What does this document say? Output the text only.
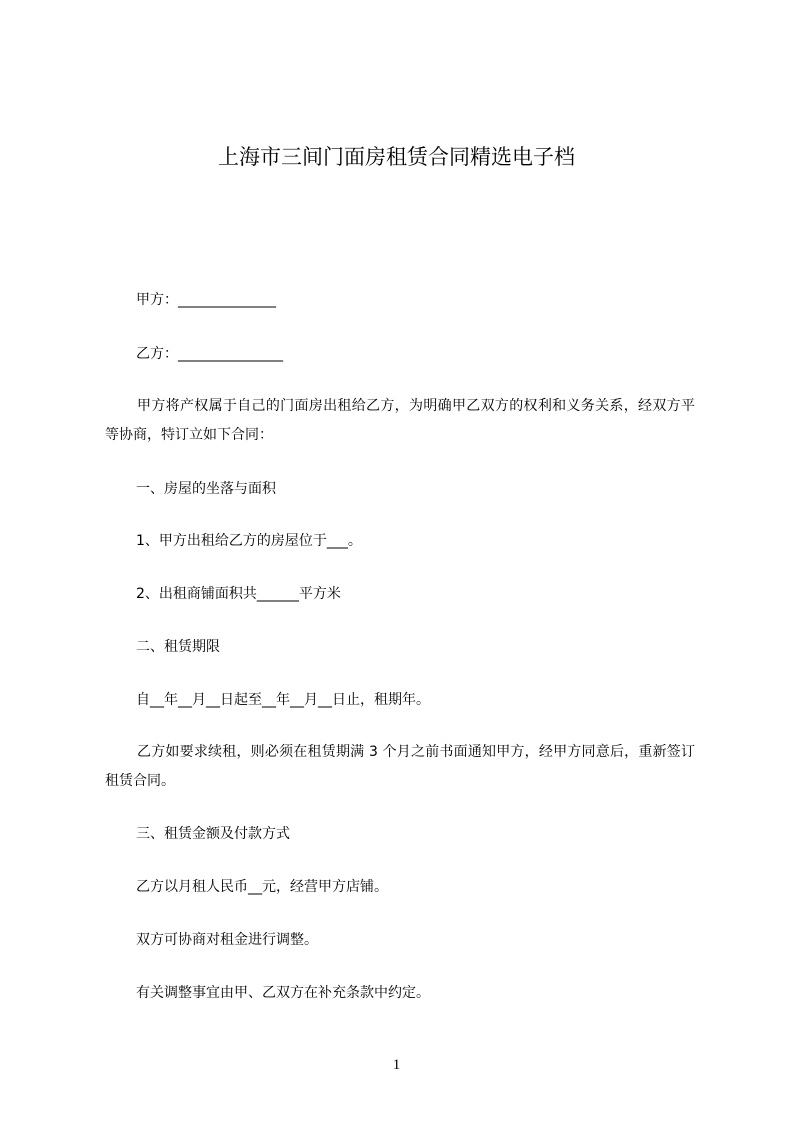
上海市三间门面房租赁合同精选电子档
甲方：______________
乙方：_______________
甲方将产权属于自己的门面房出租给乙方，为明确甲乙双方的权利和义务关系，经双方平等协商，特订立如下合同：
一、房屋的坐落与面积
1、甲方出租给乙方的房屋位于___。
2、出租商铺面积共______平方米
二、租赁期限
自__年__月__日起至__年__月__日止，租期年。
乙方如要求续租，则必须在租赁期满 3 个月之前书面通知甲方，经甲方同意后，重新签订租赁合同。
三、租赁金额及付款方式
乙方以月租人民币__元，经营甲方店铺。
双方可协商对租金进行调整。
有关调整事宜由甲、乙双方在补充条款中约定。
1
